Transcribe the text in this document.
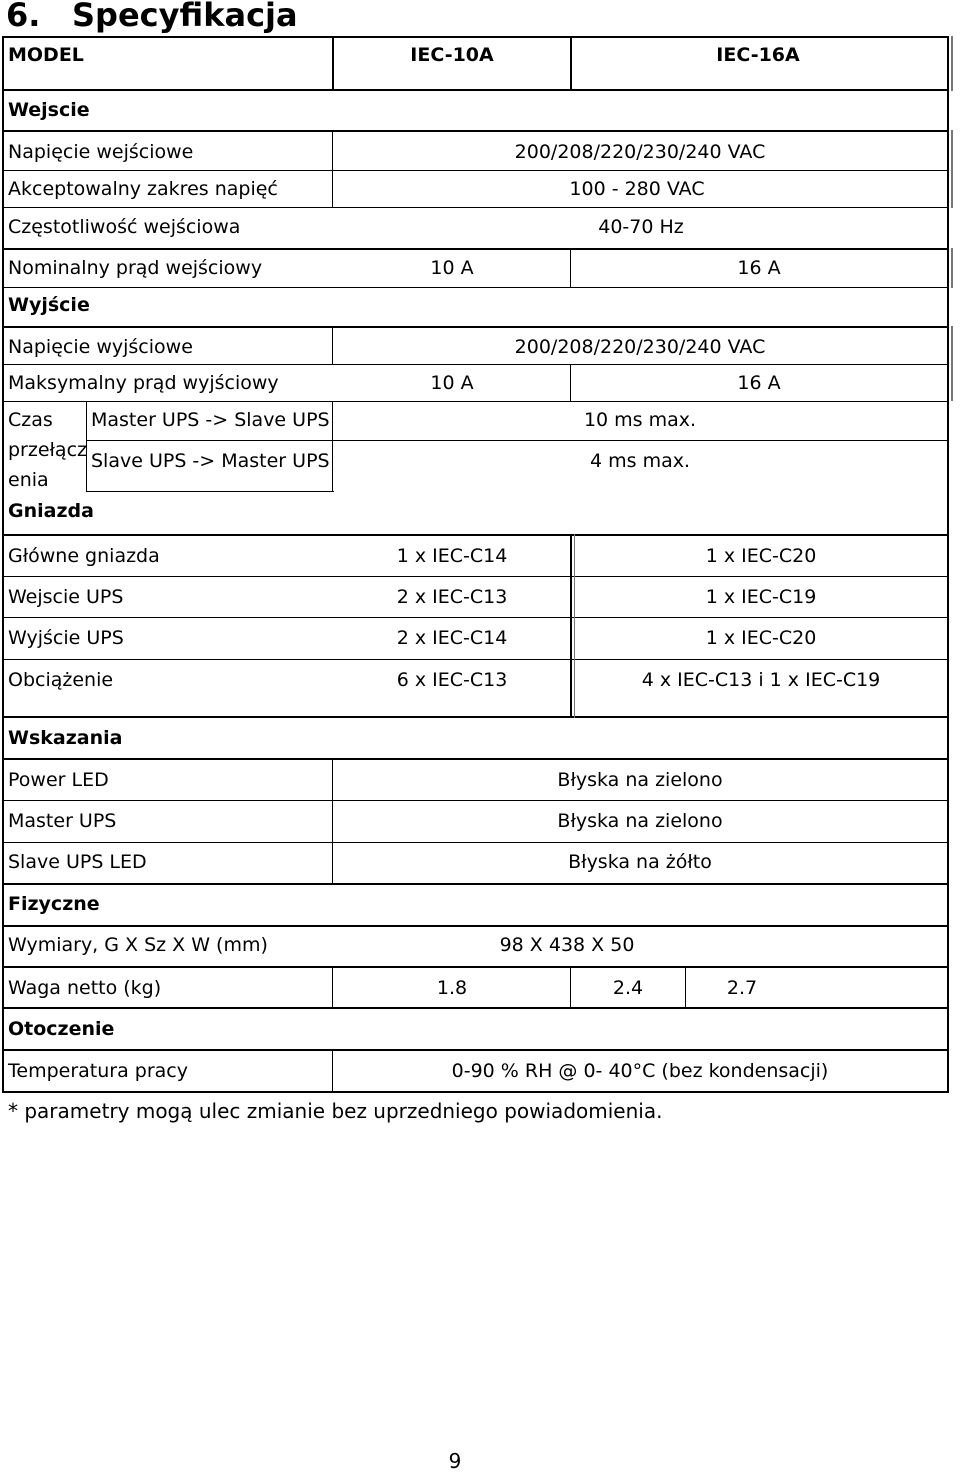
6. Specyfikacja
MODEL	IEC-10A	IEC-16A
Wejscie
Napięcie wejściowe	200/208/220/230/240 VAC
Akceptowalny zakres napięć	100 - 280 VAC
Częstotliwość wejściowa	40-70 Hz
Nominalny prąd wejściowy	10 A	16 A
Wyjście
Napięcie wyjściowe	200/208/220/230/240 VAC
Maksymalny prąd wyjściowy	10 A	16 A
Czas
przełącz
enia
Master UPS -> Slave UPS	10 ms max.
Slave UPS -> Master UPS	4 ms max.
Gniazda
Główne gniazda	1 x IEC-C14	1 x IEC-C20
Wejscie UPS	2 x IEC-C13	1 x IEC-C19
Wyjście UPS	2 x IEC-C14	1 x IEC-C20
Obciążenie	6 x IEC-C13	4 x IEC-C13 i 1 x IEC-C19
Wskazania
Power LED	Błyska na zielono
Master UPS	Błyska na zielono
Slave UPS LED	Błyska na żółto
Fizyczne
Wymiary, G X Sz X W (mm)	98 X 438 X 50
Waga netto (kg)	1.8	2.4	2.7
Otoczenie
Temperatura pracy	0-90 % RH @ 0- 40°C (bez kondensacji)
* parametry mogą ulec zmianie bez uprzedniego powiadomienia.
9
